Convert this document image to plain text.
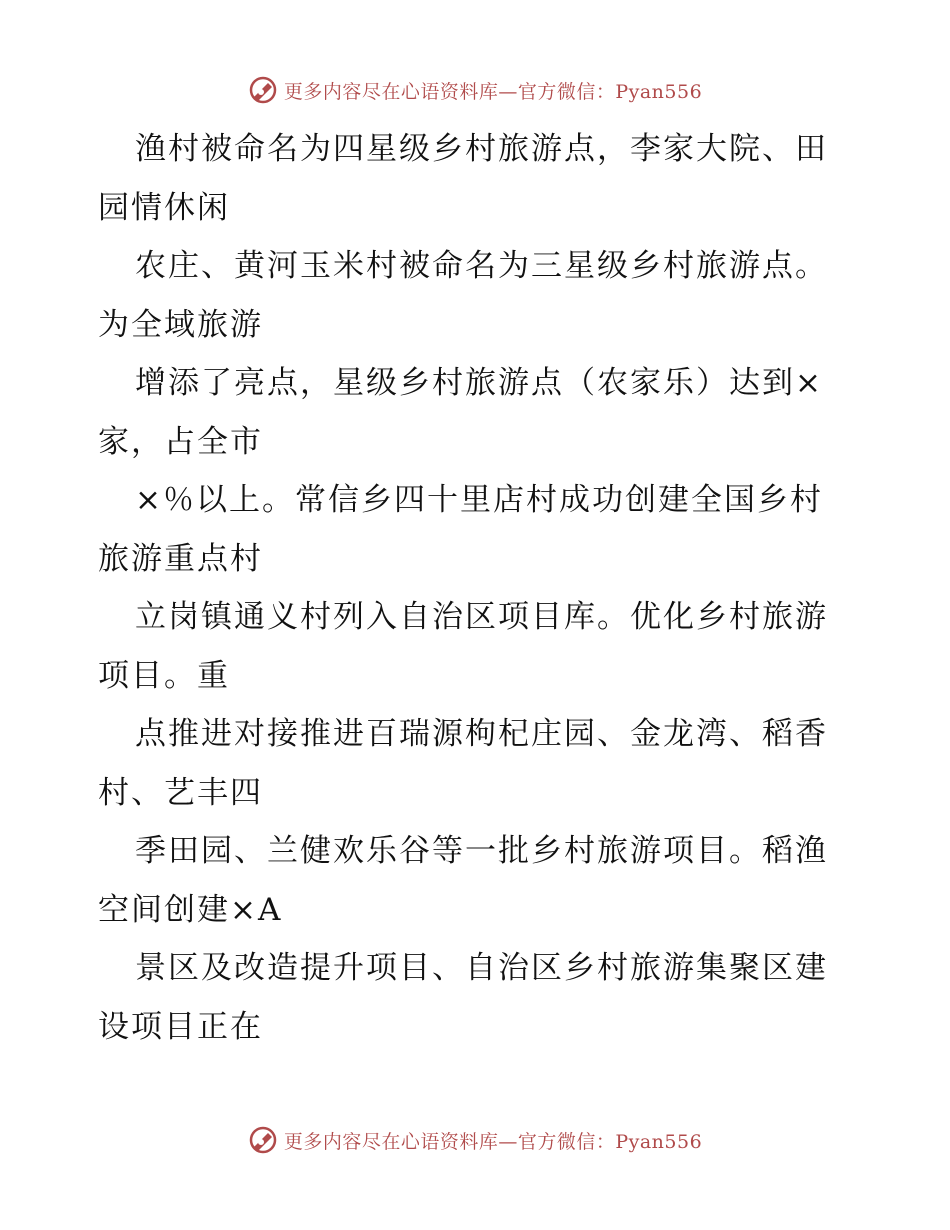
更多内容尽在心语资料库—官方微信：Pyan556
渔村被命名为四星级乡村旅游点，李家大院、田
园情休闲
农庄、黄河玉米村被命名为三星级乡村旅游点。
为全域旅游
增添了亮点，星级乡村旅游点（农家乐）达到×
家，占全市
×％以上。常信乡四十里店村成功创建全国乡村
旅游重点村
立岗镇通义村列入自治区项目库。优化乡村旅游
项目。重
点推进对接推进百瑞源枸杞庄园、金龙湾、稻香
村、艺丰四
季田园、兰健欢乐谷等一批乡村旅游项目。稻渔
空间创建×A
景区及改造提升项目、自治区乡村旅游集聚区建
设项目正在
更多内容尽在心语资料库—官方微信：Pyan556
